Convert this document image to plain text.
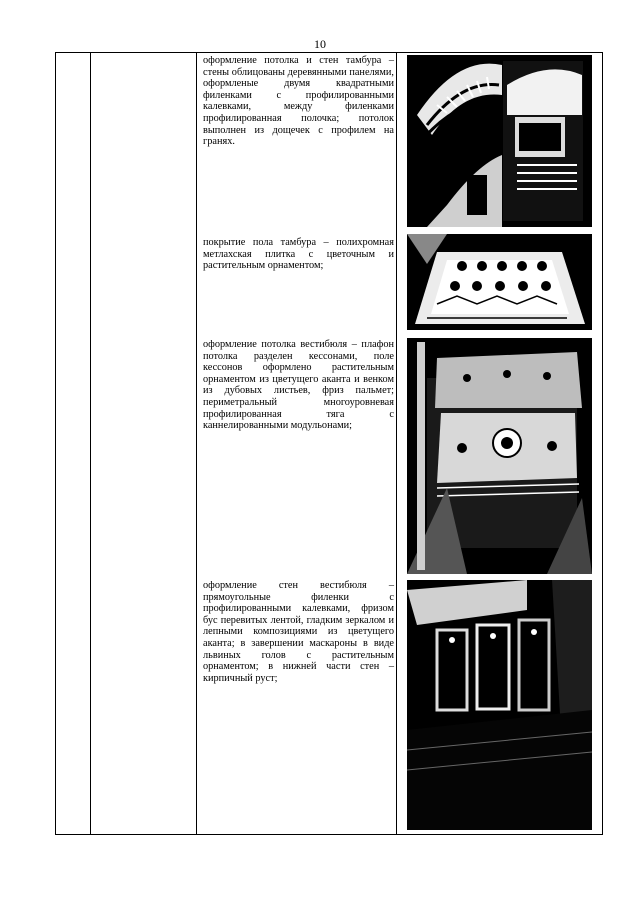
10

оформление потолка и стен тамбура – стены облицованы деревянными панелями, оформленые двумя квадратными филенками с профилированными калевками, между филенками профилированная полочка; потолок выполнен из дощечек с профилем на гранях.
покрытие пола тамбура – полихромная метлахская плитка с цветочным и растительным орнаментом;
оформление потолка вестибюля – плафон потолка разделен кессонами, поле кессонов оформлено растительным орнаментом из цветущего аканта и венком из дубовых листьев, фриз пальмет; периметральный многоуровневая профилированная тяга с каннелированными модульонами;
оформление стен вестибюля – прямоугольные филенки с профилированными калевками, фризом бус перевитых лентой, гладким зеркалом и лепными композициями из цветущего аканта; в завершении маскароны в виде львиных голов с растительным орнаментом; в нижней части стен – кирпичный руст;
